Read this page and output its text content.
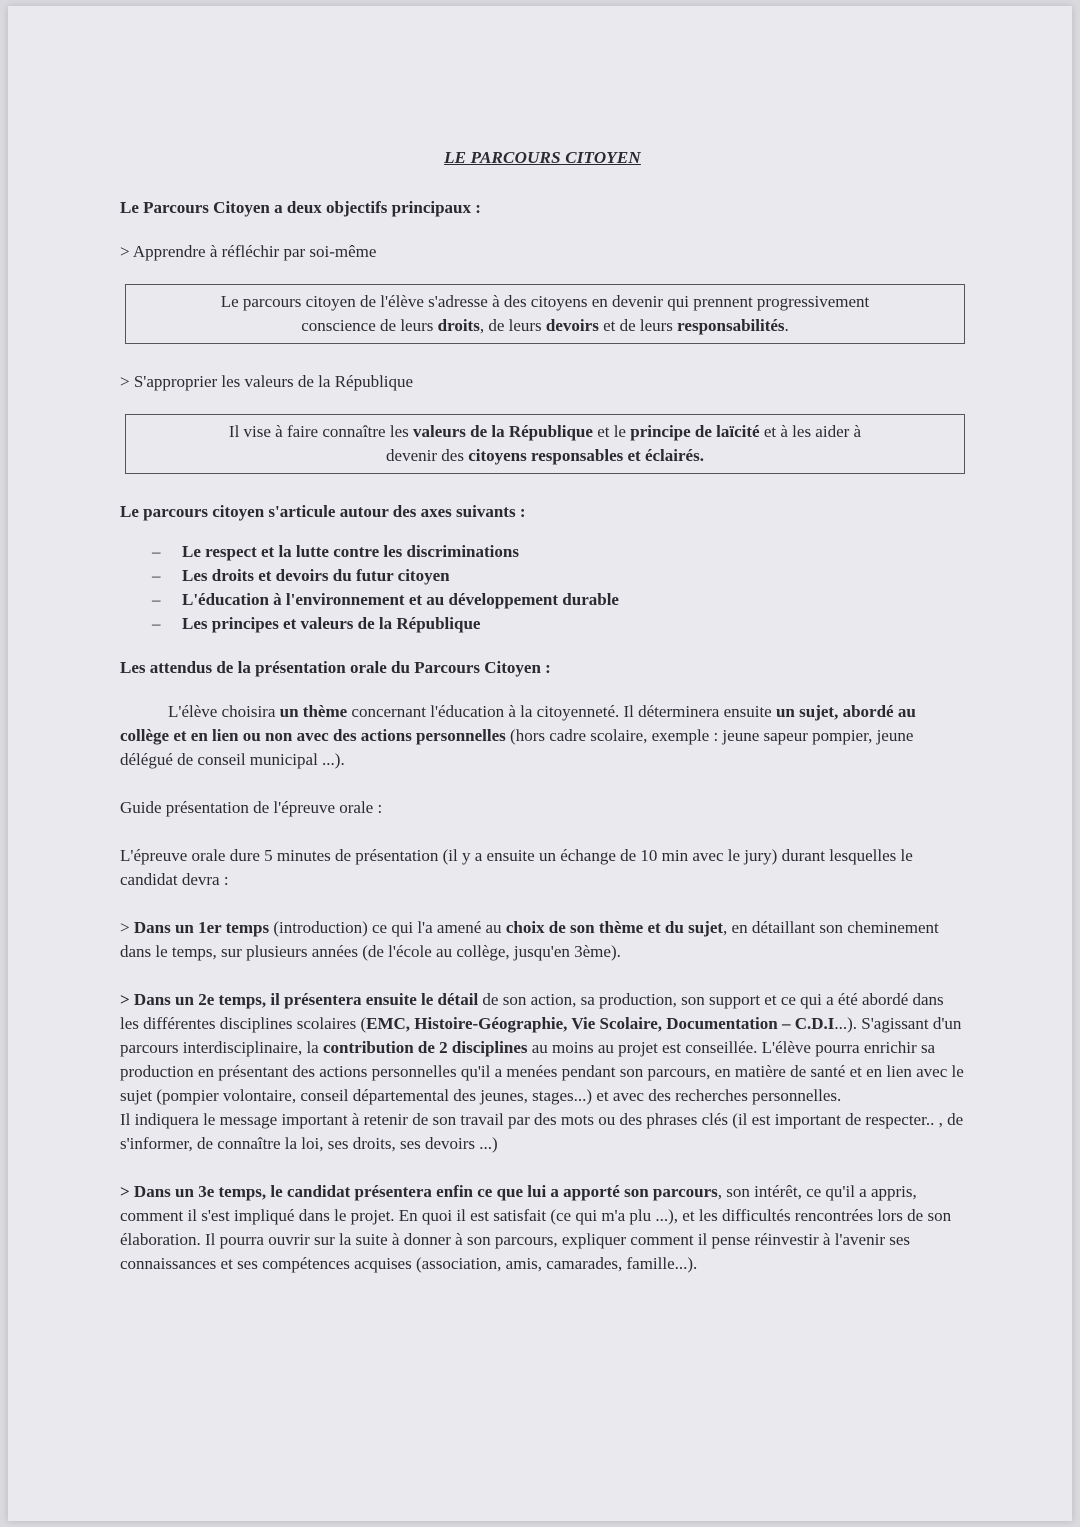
LE PARCOURS CITOYEN
Le Parcours Citoyen a deux objectifs principaux :
> Apprendre à réfléchir par soi-même
Le parcours citoyen de l'élève s'adresse à des citoyens en devenir qui prennent progressivement
conscience de leurs droits, de leurs devoirs et de leurs responsabilités.
> S'approprier les valeurs de la République
Il vise à faire connaître les valeurs de la République et le principe de laïcité et à les aider à
devenir des citoyens responsables et éclairés.
Le parcours citoyen s'articule autour des axes suivants :
– Le respect et la lutte contre les discriminations
– Les droits et devoirs du futur citoyen
– L'éducation à l'environnement et au développement durable
– Les principes et valeurs de la République
Les attendus de la présentation orale du Parcours Citoyen :

L'élève choisira un thème concernant l'éducation à la citoyenneté. Il déterminera ensuite un sujet, abordé au collège et en lien ou non avec des actions personnelles (hors cadre scolaire, exemple : jeune sapeur pompier, jeune délégué de conseil municipal ...).

Guide présentation de l'épreuve orale :

L'épreuve orale dure 5 minutes de présentation (il y a ensuite un échange de 10 min avec le jury) durant lesquelles le candidat devra :

> Dans un 1er temps (introduction) ce qui l'a amené au choix de son thème et du sujet, en détaillant son cheminement dans le temps, sur plusieurs années (de l'école au collège, jusqu'en 3ème).

> Dans un 2e temps, il présentera ensuite le détail de son action, sa production, son support et ce qui a été abordé dans les différentes disciplines scolaires (EMC, Histoire-Géographie, Vie Scolaire, Documentation – C.D.I...). S'agissant d'un parcours interdisciplinaire, la contribution de 2 disciplines au moins au projet est conseillée. L'élève pourra enrichir sa production en présentant des actions personnelles qu'il a menées pendant son parcours, en matière de santé et en lien avec le sujet (pompier volontaire, conseil départemental des jeunes, stages...) et avec des recherches personnelles.
Il indiquera le message important à retenir de son travail par des mots ou des phrases clés (il est important de respecter.. , de s'informer, de connaître la loi, ses droits, ses devoirs ...)

> Dans un 3e temps, le candidat présentera enfin ce que lui a apporté son parcours, son intérêt, ce qu'il a appris, comment il s'est impliqué dans le projet. En quoi il est satisfait (ce qui m'a plu ...), et les difficultés rencontrées lors de son élaboration. Il pourra ouvrir sur la suite à donner à son parcours, expliquer comment il pense réinvestir à l'avenir ses connaissances et ses compétences acquises (association, amis, camarades, famille...).
